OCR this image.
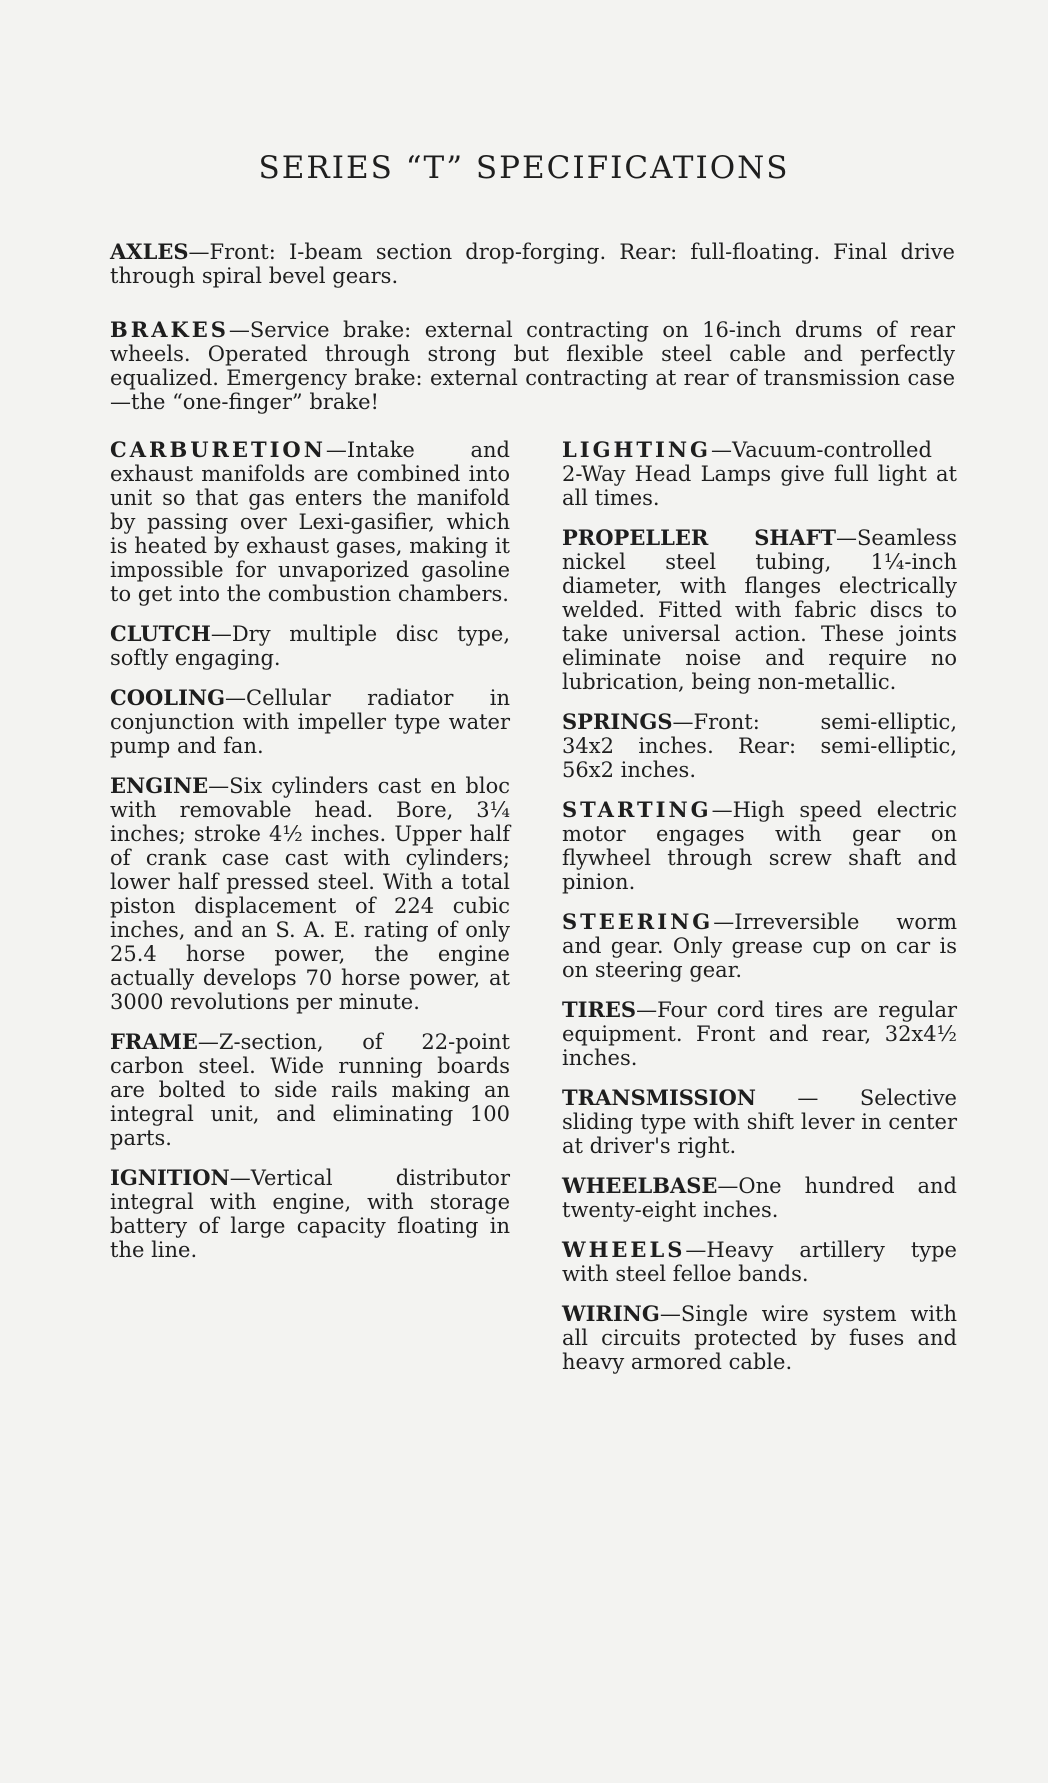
SERIES “T” SPECIFICATIONS

AXLES—Front: I-beam section drop-forging. Rear: full-floating. Final drive through spiral bevel gears.

BRAKES—Service brake: external contracting on 16-inch drums of rear wheels. Operated through strong but flexible steel cable and perfectly equalized. Emergency brake: external contracting at rear of transmission case—the “one-finger” brake!

CARBURETION—Intake and exhaust manifolds are combined into unit so that gas enters the manifold by passing over Lexi-gasifier, which is heated by exhaust gases, making it impossible for unvaporized gasoline to get into the combustion chambers.

CLUTCH—Dry multiple disc type, softly engaging.

COOLING—Cellular radiator in conjunction with impeller type water pump and fan.

ENGINE—Six cylinders cast en bloc with removable head. Bore, 3¼ inches; stroke 4½ inches. Upper half of crank case cast with cylinders; lower half pressed steel. With a total piston displacement of 224 cubic inches, and an S. A. E. rating of only 25.4 horse power, the engine actually develops 70 horse power, at 3000 revolutions per minute.

FRAME—Z-section, of 22-point carbon steel. Wide running boards are bolted to side rails making an integral unit, and eliminating 100 parts.

IGNITION—Vertical distributor integral with engine, with storage battery of large capacity floating in the line.

LIGHTING—Vacuum-controlled 2-Way Head Lamps give full light at all times.

PROPELLER SHAFT—Seamless nickel steel tubing, 1¼-inch diameter, with flanges electrically welded. Fitted with fabric discs to take universal action. These joints eliminate noise and require no lubrication, being non-metallic.

SPRINGS—Front: semi-elliptic, 34x2 inches. Rear: semi-elliptic, 56x2 inches.

STARTING—High speed electric motor engages with gear on flywheel through screw shaft and pinion.

STEERING—Irreversible worm and gear. Only grease cup on car is on steering gear.

TIRES—Four cord tires are regular equipment. Front and rear, 32x4½ inches.

TRANSMISSION — Selective sliding type with shift lever in center at driver's right.

WHEELBASE—One hundred and twenty-eight inches.

WHEELS—Heavy artillery type with steel felloe bands.

WIRING—Single wire system with all circuits protected by fuses and heavy armored cable.
